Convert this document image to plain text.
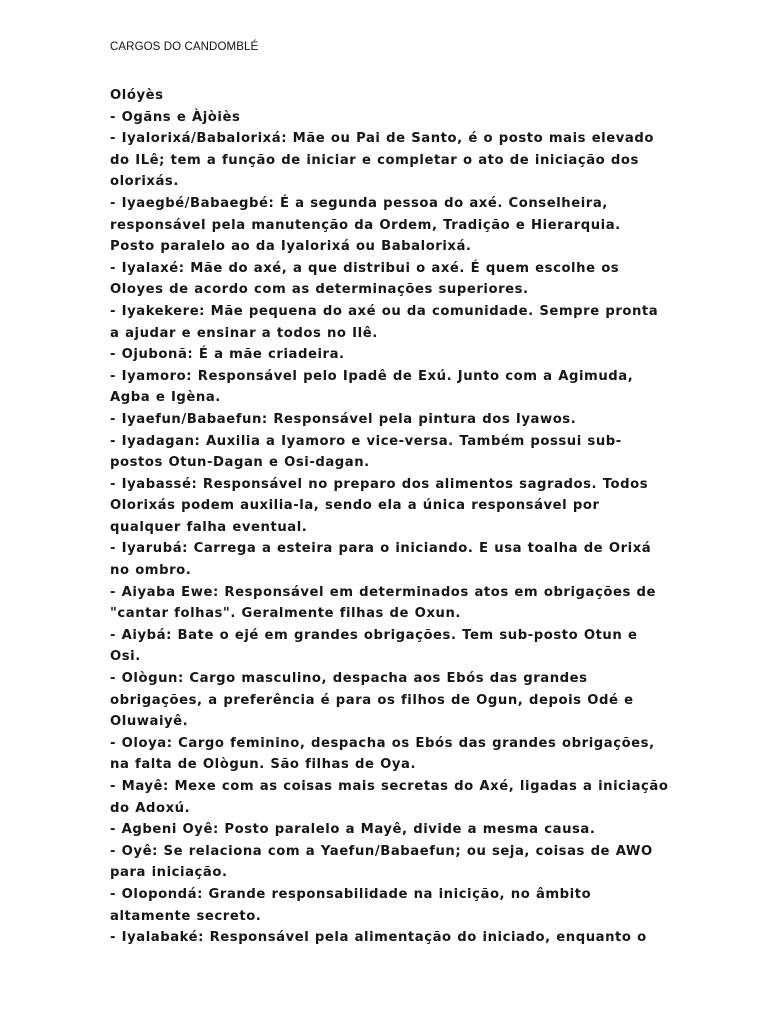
CARGOS DO CANDOMBLÉ

Olóyès

- Ogãns e Àjòiès

- Iyalorixá/Babalorixá: Mãe ou Pai de Santo, é o posto mais elevado do ILê; tem a função de iniciar e completar o ato de iniciação dos olorixás.

- Iyaegbé/Babaegbé: É a segunda pessoa do axé. Conselheira, responsável pela manutenção da Ordem, Tradição e Hierarquia. Posto paralelo ao da Iyalorixá ou Babalorixá.

- Iyalaxé: Mãe do axé, a que distribui o axé. É quem escolhe os Oloyes de acordo com as determinações superiores.

- Iyakekere: Mãe pequena do axé ou da comunidade. Sempre pronta a ajudar e ensinar a todos no Ilê.

- Ojubonã: É a mãe criadeira.

- Iyamoro: Responsável pelo Ipadê de Exú. Junto com a Agimuda, Agba e Igèna.

- Iyaefun/Babaefun: Responsável pela pintura dos Iyawos.

- Iyadagan: Auxilia a Iyamoro e vice-versa. Também possui sub-postos Otun-Dagan e Osi-dagan.

- Iyabassé: Responsável no preparo dos alimentos sagrados. Todos Olorixás podem auxilia-la, sendo ela a única responsável por qualquer falha eventual.

- Iyarubá: Carrega a esteira para o iniciando. E usa toalha de Orixá no ombro.

- Aiyaba Ewe: Responsável em determinados atos em obrigações de "cantar folhas". Geralmente filhas de Oxun.

- Aiybá: Bate o ejé em grandes obrigações. Tem sub-posto Otun e Osi.

- Ològun: Cargo masculino, despacha aos Ebós das grandes obrigações, a preferência é para os filhos de Ogun, depois Odé e Oluwaiyê.

- Oloya: Cargo feminino, despacha os Ebós das grandes obrigações, na falta de Ològun. São filhas de Oya.

- Mayê: Mexe com as coisas mais secretas do Axé, ligadas a iniciação do Adoxú.

- Agbeni Oyê: Posto paralelo a Mayê, divide a mesma causa.

- Oyê: Se relaciona com a Yaefun/Babaefun; ou seja, coisas de AWO para iniciação.

- Olopondá: Grande responsabilidade na inicição, no âmbito altamente secreto.

- Iyalabaké: Responsável pela alimentação do iniciado, enquanto o
